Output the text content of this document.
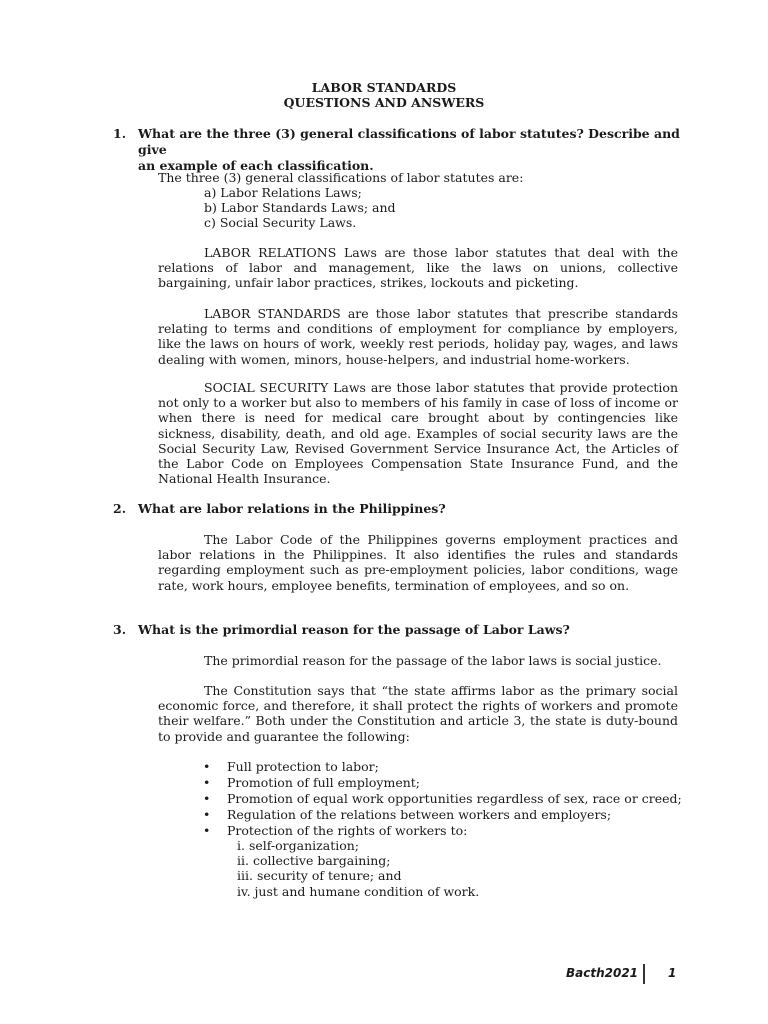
LABOR STANDARDS
QUESTIONS AND ANSWERS
1. What are the three (3) general classifications of labor statutes? Describe and give
an example of each classification.
The three (3) general classifications of labor statutes are:
a) Labor Relations Laws;
b) Labor Standards Laws; and
c) Social Security Laws.
LABOR RELATIONS Laws are those labor statutes that deal with the relations of labor and management, like the laws on unions, collective bargaining, unfair labor practices, strikes, lockouts and picketing.
LABOR STANDARDS are those labor statutes that prescribe standards relating to terms and conditions of employment for compliance by employers, like the laws on hours of work, weekly rest periods, holiday pay, wages, and laws dealing with women, minors, house-helpers, and industrial home-workers.
SOCIAL SECURITY Laws are those labor statutes that provide protection not only to a worker but also to members of his family in case of loss of income or when there is need for medical care brought about by contingencies like sickness, disability, death, and old age. Examples of social security laws are the Social Security Law, Revised Government Service Insurance Act, the Articles of the Labor Code on Employees Compensation State Insurance Fund, and the National Health Insurance.
2. What are labor relations in the Philippines?
The Labor Code of the Philippines governs employment practices and labor relations in the Philippines. It also identifies the rules and standards regarding employment such as pre-employment policies, labor conditions, wage rate, work hours, employee benefits, termination of employees, and so on.
3. What is the primordial reason for the passage of Labor Laws?
The primordial reason for the passage of the labor laws is social justice.
The Constitution says that “the state affirms labor as the primary social economic force, and therefore, it shall protect the rights of workers and promote their welfare.” Both under the Constitution and article 3, the state is duty-bound to provide and guarantee the following:
• Full protection to labor;
• Promotion of full employment;
• Promotion of equal work opportunities regardless of sex, race or creed;
• Regulation of the relations between workers and employers;
• Protection of the rights of workers to:
i. self-organization;
ii. collective bargaining;
iii. security of tenure; and
iv. just and humane condition of work.
Bacth2021 1
